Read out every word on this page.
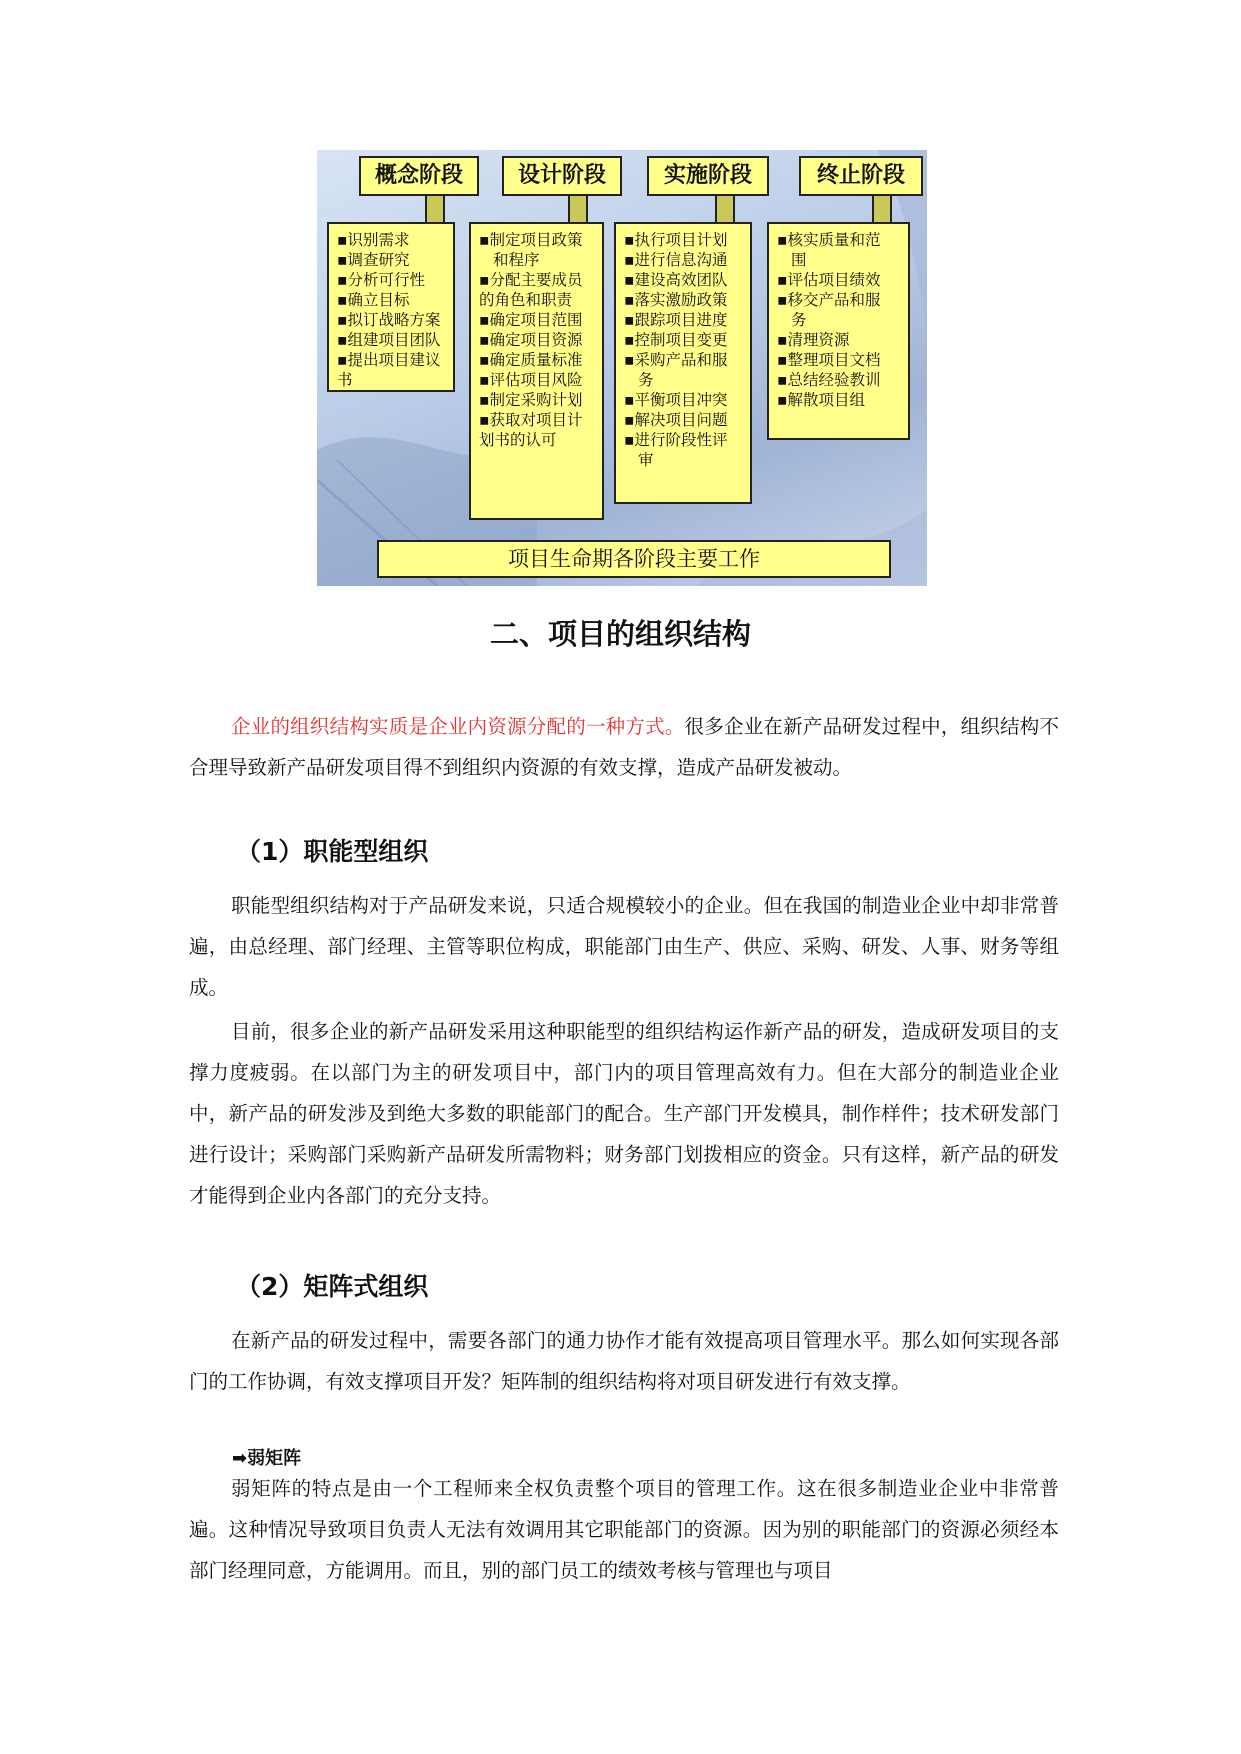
概念阶段
▪识别需求
▪调查研究
▪分析可行性
▪确立目标
▪拟订战略方案
▪组建项目团队
▪提出项目建议
书
设计阶段
▪制定项目政策
和程序
▪分配主要成员
的角色和职责
▪确定项目范围
▪确定项目资源
▪确定质量标准
▪评估项目风险
▪制定采购计划
▪获取对项目计
划书的认可
实施阶段
▪执行项目计划
▪进行信息沟通
▪建设高效团队
▪落实激励政策
▪跟踪项目进度
▪控制项目变更
▪采购产品和服
务
▪平衡项目冲突
▪解决项目问题
▪进行阶段性评
审
终止阶段
▪核实质量和范
围
▪评估项目绩效
▪移交产品和服
务
▪清理资源
▪整理项目文档
▪总结经验教训
▪解散项目组
项目生命期各阶段主要工作
二、项目的组织结构
企业的组织结构实质是企业内资源分配的一种方式。很多企业在新产品研发过程中，组织结构不合理导致新产品研发项目得不到组织内资源的有效支撑，造成产品研发被动。
（1）职能型组织
职能型组织结构对于产品研发来说，只适合规模较小的企业。但在我国的制造业企业中却非常普遍，由总经理、部门经理、主管等职位构成，职能部门由生产、供应、采购、研发、人事、财务等组成。
目前，很多企业的新产品研发采用这种职能型的组织结构运作新产品的研发，造成研发项目的支撑力度疲弱。在以部门为主的研发项目中，部门内的项目管理高效有力。但在大部分的制造业企业中，新产品的研发涉及到绝大多数的职能部门的配合。生产部门开发模具，制作样件；技术研发部门进行设计；采购部门采购新产品研发所需物料；财务部门划拨相应的资金。只有这样，新产品的研发才能得到企业内各部门的充分支持。
（2）矩阵式组织
在新产品的研发过程中，需要各部门的通力协作才能有效提高项目管理水平。那么如何实现各部门的工作协调，有效支撑项目开发？矩阵制的组织结构将对项目研发进行有效支撑。
➡弱矩阵
弱矩阵的特点是由一个工程师来全权负责整个项目的管理工作。这在很多制造业企业中非常普遍。这种情况导致项目负责人无法有效调用其它职能部门的资源。因为别的职能部门的资源必须经本部门经理同意，方能调用。而且，别的部门员工的绩效考核与管理也与项目
